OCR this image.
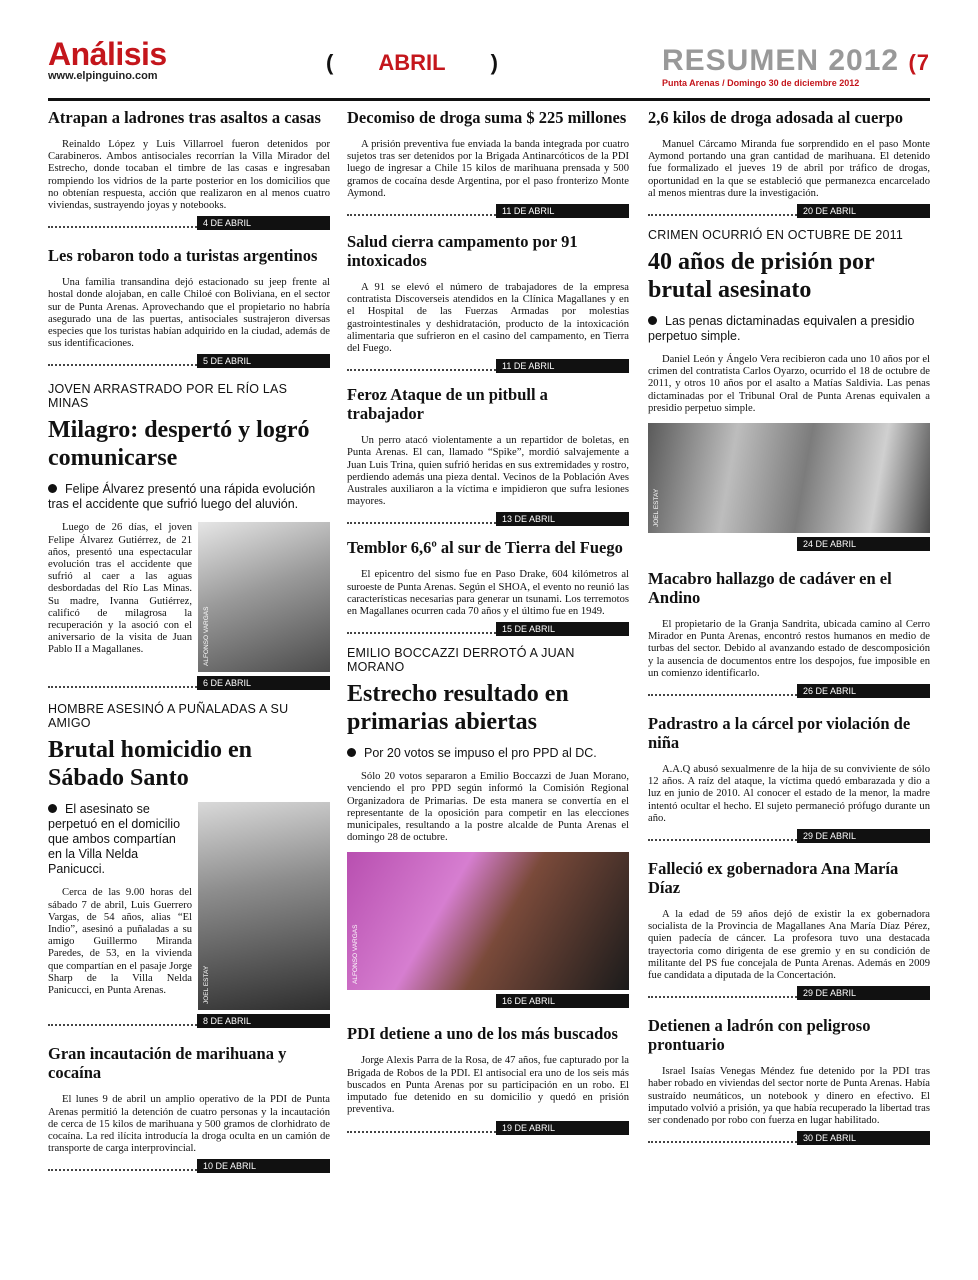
Análisis
www.elpinguino.com
( ABRIL )	RESUMEN 2012 (7
Punta Arenas / Domingo 30 de diciembre 2012
Atrapan a ladrones tras asaltos a casas
Reinaldo López y Luis Villarroel fueron detenidos por Carabineros. Ambos antisociales recorrían la Villa Mirador del Estrecho, donde tocaban el timbre de las casas e ingresaban rompiendo los vidrios de la parte posterior en los domicilios que no obtenían respuesta, acción que realizaron en al menos cuatro viviendas, sustrayendo joyas y notebooks.
4 DE ABRIL
Les robaron todo a turistas argentinos
Una familia transandina dejó estacionado su jeep frente al hostal donde alojaban, en calle Chiloé con Boliviana, en el sector sur de Punta Arenas. Aprovechando que el propietario no habría asegurado una de las puertas, antisociales sustrajeron diversas especies que los turistas habían adquirido en la ciudad, además de sus identificaciones.
5 DE ABRIL
JOVEN ARRASTRADO POR EL RÍO LAS MINAS
Milagro: despertó y logró comunicarse
Felipe Álvarez presentó una rápida evolución tras el accidente que sufrió luego del aluvión.
ALFONSO VARGAS
Luego de 26 días, el joven Felipe Álvarez Gutiérrez, de 21 años, presentó una espectacular evolución tras el accidente que sufrió al caer a las aguas desbordadas del Río Las Minas. Su madre, Ivanna Gutiérrez, calificó de milagrosa la recuperación y la asoció con el aniversario de la visita de Juan Pablo II a Magallanes.
6 DE ABRIL
HOMBRE ASESINÓ A PUÑALADAS A SU AMIGO
Brutal homicidio en Sábado Santo
JOEL ESTAY
El asesinato se perpetuó en el domicilio que ambos compartían en la Villa Nelda Panicucci.
Cerca de las 9.00 horas del sábado 7 de abril, Luis Guerrero Vargas, de 54 años, alias “El Indio”, asesinó a puñaladas a su amigo Guillermo Miranda Paredes, de 53, en la vivienda que compartían en el pasaje Jorge Sharp de la Villa Nelda Panicucci, en Punta Arenas.
8 DE ABRIL
Gran incautación de marihuana y cocaína
El lunes 9 de abril un amplio operativo de la PDI de Punta Arenas permitió la detención de cuatro personas y la incautación de cerca de 15 kilos de marihuana y 500 gramos de clorhidrato de cocaína. La red ilícita introducía la droga oculta en un camión de transporte de carga interprovincial.
10 DE ABRIL
Decomiso de droga suma $ 225 millones
A prisión preventiva fue enviada la banda integrada por cuatro sujetos tras ser detenidos por la Brigada Antinarcóticos de la PDI luego de ingresar a Chile 15 kilos de marihuana prensada y 500 gramos de cocaína desde Argentina, por el paso fronterizo Monte Aymond.
11 DE ABRIL
Salud cierra campamento por 91 intoxicados
A 91 se elevó el número de trabajadores de la empresa contratista Discoverseis atendidos en la Clínica Magallanes y en el Hospital de las Fuerzas Armadas por molestias gastrointestinales y deshidratación, producto de la intoxicación alimentaria que sufrieron en el casino del campamento, en Tierra del Fuego.
11 DE ABRIL
Feroz Ataque de un pitbull a trabajador
Un perro atacó violentamente a un repartidor de boletas, en Punta Arenas. El can, llamado “Spike”, mordió salvajemente a Juan Luis Trina, quien sufrió heridas en sus extremidades y rostro, perdiendo además una pieza dental. Vecinos de la Población Aves Australes auxiliaron a la víctima e impidieron que sufra lesiones mayores.
13 DE ABRIL
Temblor 6,6º al sur de Tierra del Fuego
El epicentro del sismo fue en Paso Drake, 604 kilómetros al suroeste de Punta Arenas. Según el SHOA, el evento no reunió las características necesarias para generar un tsunami. Los terremotos en Magallanes ocurren cada 70 años y el último fue en 1949.
15 DE ABRIL
EMILIO BOCCAZZI DERROTÓ A JUAN MORANO
Estrecho resultado en primarias abiertas
Por 20 votos se impuso el pro PPD al DC.
Sólo 20 votos separaron a Emilio Boccazzi de Juan Morano, venciendo el pro PPD según informó la Comisión Regional Organizadora de Primarias. De esta manera se convertía en el representante de la oposición para competir en las elecciones municipales, resultando a la postre alcalde de Punta Arenas el domingo 28 de octubre.
ALFONSO VARGAS
16 DE ABRIL
PDI detiene a uno de los más buscados
Jorge Alexis Parra de la Rosa, de 47 años, fue capturado por la Brigada de Robos de la PDI. El antisocial era uno de los seis más buscados en Punta Arenas por su participación en un robo. El imputado fue detenido en su domicilio y quedó en prisión preventiva.
19 DE ABRIL
2,6 kilos de droga adosada al cuerpo
Manuel Cárcamo Miranda fue sorprendido en el paso Monte Aymond portando una gran cantidad de marihuana. El detenido fue formalizado el jueves 19 de abril por tráfico de drogas, oportunidad en la que se estableció que permanezca encarcelado al menos mientras dure la investigación.
20 DE ABRIL
CRIMEN OCURRIÓ EN OCTUBRE DE 2011
40 años de prisión por brutal asesinato
Las penas dictaminadas equivalen a presidio perpetuo simple.
Daniel León y Ángelo Vera recibieron cada uno 10 años por el crimen del contratista Carlos Oyarzo, ocurrido el 18 de octubre de 2011, y otros 10 años por el asalto a Matías Saldivia. Las penas dictaminadas por el Tribunal Oral de Punta Arenas equivalen a presidio perpetuo simple.
JOEL ESTAY
24 DE ABRIL
Macabro hallazgo de cadáver en el Andino
El propietario de la Granja Sandrita, ubicada camino al Cerro Mirador en Punta Arenas, encontró restos humanos en medio de turbas del sector. Debido al avanzando estado de descomposición y la ausencia de documentos entre los despojos, fue imposible en un comienzo identificarlo.
26 DE ABRIL
Padrastro a la cárcel por violación de niña
A.A.Q abusó sexualmenre de la hija de su conviviente de sólo 12 años. A raíz del ataque, la víctima quedó embarazada y dio a luz en junio de 2010. Al conocer el estado de la menor, la madre intentó ocultar el hecho. El sujeto permaneció prófugo durante un año.
29 DE ABRIL
Falleció ex gobernadora Ana María Díaz
A la edad de 59 años dejó de existir la ex gobernadora socialista de la Provincia de Magallanes Ana María Díaz Pérez, quien padecía de cáncer. La profesora tuvo una destacada trayectoria como dirigenta de ese gremio y en su condición de militante del PS fue concejala de Punta Arenas. Además en 2009 fue candidata a diputada de la Concertación.
29 DE ABRIL
Detienen a ladrón con peligroso prontuario
Israel Isaías Venegas Méndez fue detenido por la PDI tras haber robado en viviendas del sector norte de Punta Arenas. Había sustraído neumáticos, un notebook y dinero en efectivo. El imputado volvió a prisión, ya que había recuperado la libertad tras ser condenado por robo con fuerza en lugar habilitado.
30 DE ABRIL
